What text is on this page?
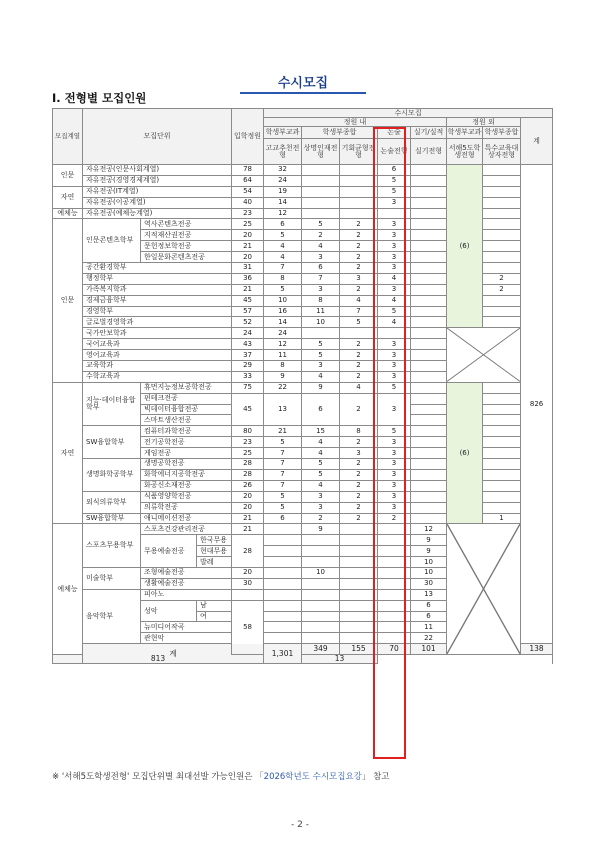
수시모집
Ⅰ. 전형별 모집인원
모집계열	모집단위			입학정원	수시모집								
					정원 내					정원 외		계	
					학생부교과	학생부종합		논술	실기/실적	학생부교과	학생부종합		
					고교추천전형	상명인재전형	기회균형전형	논술전형	실기전형	서해5도학생전형	특수교육대상자전형		
인문	자유전공(인문사회계열)			78	32			6		(6)		826	
	자유전공(경영경제계열)			64	24			5					
자연	자유전공(IT계열)			54	19			5					
	자유전공(이공계열)			40	14			3					
예체능	자유전공(예체능계열)			23	12								
인문	인문콘텐츠학부	역사콘텐츠전공		25	6	5	2	3					
		지적재산권전공		20	5	2	2	3					
		문헌정보학전공		21	4	4	2	3					
		한일문화콘텐츠전공		20	4	3	2	3					
	공간환경학부			31	7	6	2	3					
	행정학부			36	8	7	3	4			2		
	가족복지학과			21	5	3	2	3			2		
	경제금융학부			45	10	8	4	4					
	경영학부			57	16	11	7	5					
	글로벌경영학과			52	14	10	5	4					
	국가안보학과			24	24					

	국어교육과			43	12	5	2	3					
	영어교육과			37	11	5	2	3					
	교육학과			29	8	3	2	3					
	수학교육과			33	9	4	2	3					
자연	지능·데이터융합학부	휴먼지능정보공학전공		75	22	9	4	5		(6)			
		핀테크전공		45	13	6	2	3					
		빅데이터융합전공											
		스마트생산전공											
	SW융합학부	컴퓨터과학전공		80	21	15	8	5					
		전기공학전공		23	5	4	2	3					
		게임전공		25	7	4	3	3					
	생명화학공학부	생명공학전공		28	7	5	2	3					
		화학에너지공학전공		28	7	5	2	3					
		화공신소재전공		26	7	4	2	3					
	외식의류학부	식품영양학전공		20	5	3	2	3					
		의류학전공		20	5	3	2	3					
	SW융합학부	애니메이션전공		21	6	2	2	2			1		
예체능	스포츠무용학부	스포츠건강관리전공		21		9			12	

		무용예술전공	한국무용	28					9				
			현대무용						9				
			발레						10				
	미술학부	조형예술전공		20		10			10				
		생활예술전공		30					30				
	음악학부	피아노							13				
		성악	남	58					6				
			여						6				
		뉴미디어작곡							11				
		관현악							22				
	계				1,301	349	155	70	101			138			
813						13							
※ '서해5도학생전형' 모집단위별 최대선발 가능인원은 「2026학년도 수시모집요강」 참고
- 2 -
